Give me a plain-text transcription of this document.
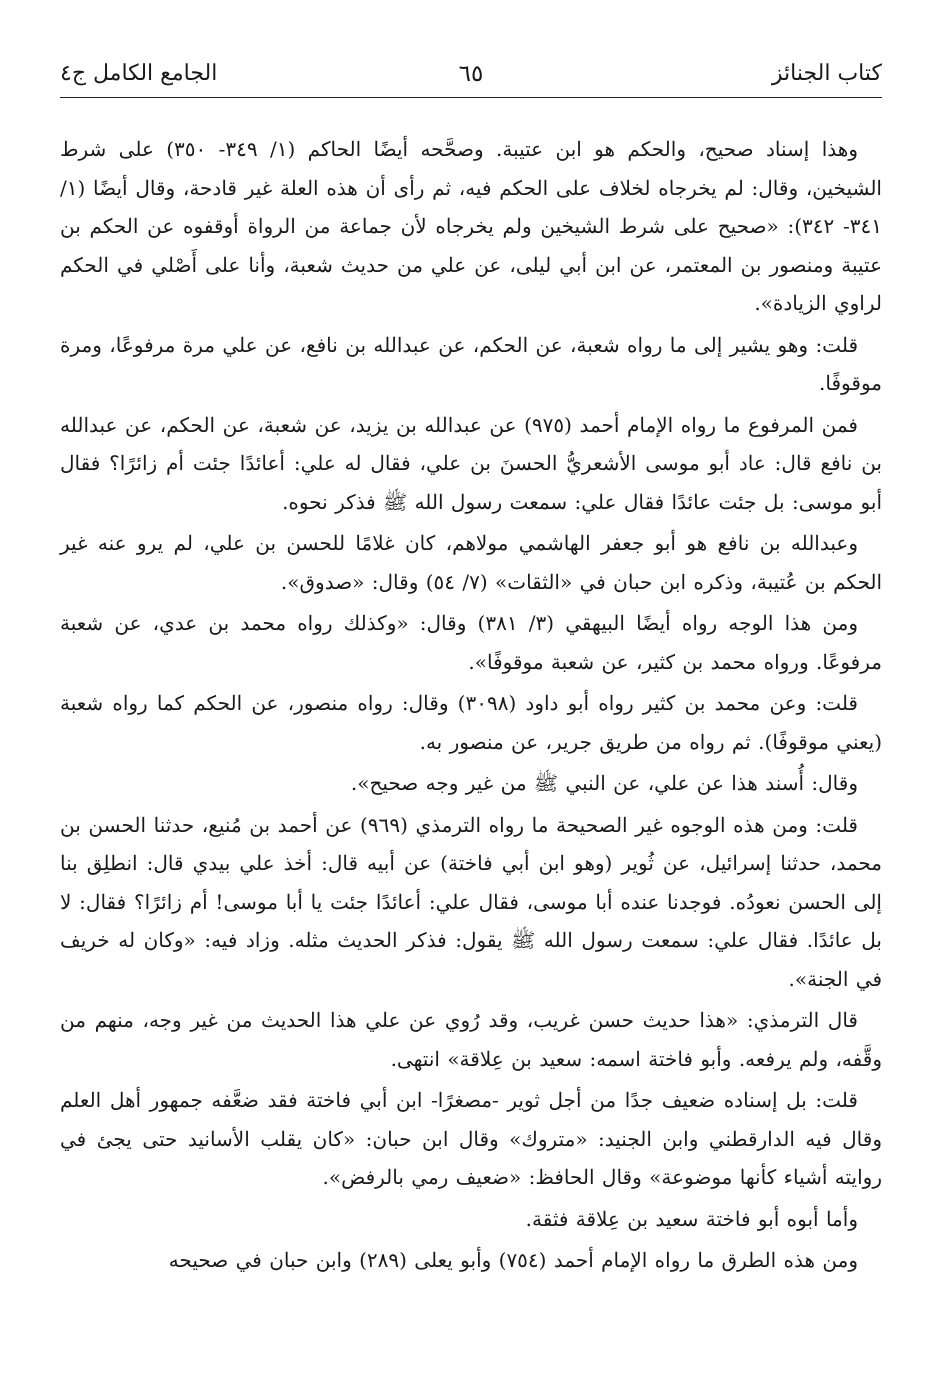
كتاب الجنائز
٦٥
الجامع الكامل ج٤

وهذا إسناد صحيح، والحكم هو ابن عتيبة. وصحَّحه أيضًا الحاكم (١/ ٣٤٩- ٣٥٠) على شرط الشيخين، وقال: لم يخرجاه لخلاف على الحكم فيه، ثم رأى أن هذه العلة غير قادحة، وقال أيضًا (١/ ٣٤١- ٣٤٢): «صحيح على شرط الشيخين ولم يخرجاه لأن جماعة من الرواة أوقفوه عن الحكم بن عتيبة ومنصور بن المعتمر، عن ابن أبي ليلى، عن علي من حديث شعبة، وأنا على أَصْلي في الحكم لراوي الزيادة».

قلت: وهو يشير إلى ما رواه شعبة، عن الحكم، عن عبدالله بن نافع، عن علي مرة مرفوعًا، ومرة موقوفًا.

فمن المرفوع ما رواه الإمام أحمد (٩٧٥) عن عبدالله بن يزيد، عن شعبة، عن الحكم، عن عبدالله بن نافع قال: عاد أبو موسى الأشعريُّ الحسنَ بن علي، فقال له علي: أعائدًا جئت أم زائرًا؟ فقال أبو موسى: بل جئت عائدًا فقال علي: سمعت رسول الله ﷺ فذكر نحوه.

وعبدالله بن نافع هو أبو جعفر الهاشمي مولاهم، كان غلامًا للحسن بن علي، لم يرو عنه غير الحكم بن عُتيبة، وذكره ابن حبان في «الثقات» (٧/ ٥٤) وقال: «صدوق».

ومن هذا الوجه رواه أيضًا البيهقي (٣/ ٣٨١) وقال: «وكذلك رواه محمد بن عدي، عن شعبة مرفوعًا. ورواه محمد بن كثير، عن شعبة موقوفًا».

قلت: وعن محمد بن كثير رواه أبو داود (٣٠٩٨) وقال: رواه منصور، عن الحكم كما رواه شعبة (يعني موقوفًا). ثم رواه من طريق جرير، عن منصور به.

وقال: أُسند هذا عن علي، عن النبي ﷺ من غير وجه صحيح».

قلت: ومن هذه الوجوه غير الصحيحة ما رواه الترمذي (٩٦٩) عن أحمد بن مُنيع، حدثنا الحسن بن محمد، حدثنا إسرائيل، عن ثُوير (وهو ابن أبي فاختة) عن أبيه قال: أخذ علي بيدي قال: انطلِق بنا إلى الحسن نعودُه. فوجدنا عنده أبا موسى، فقال علي: أعائدًا جئت يا أبا موسى! أم زائرًا؟ فقال: لا بل عائدًا. فقال علي: سمعت رسول الله ﷺ يقول: فذكر الحديث مثله. وزاد فيه: «وكان له خريف في الجنة».

قال الترمذي: «هذا حديث حسن غريب، وقد رُوي عن علي هذا الحديث من غير وجه، منهم من وقَّفه، ولم يرفعه. وأبو فاختة اسمه: سعيد بن عِلاقة» انتهى.

قلت: بل إسناده ضعيف جدًا من أجل ثوير -مصغرًا- ابن أبي فاختة فقد ضعَّفه جمهور أهل العلم وقال فيه الدارقطني وابن الجنيد: «متروك» وقال ابن حبان: «كان يقلب الأسانيد حتى يجئ في روايته أشياء كأنها موضوعة» وقال الحافظ: «ضعيف رمي بالرفض».

وأما أبوه أبو فاختة سعيد بن عِلاقة فثقة.

ومن هذه الطرق ما رواه الإمام أحمد (٧٥٤) وأبو يعلى (٢٨٩) وابن حبان في صحيحه
